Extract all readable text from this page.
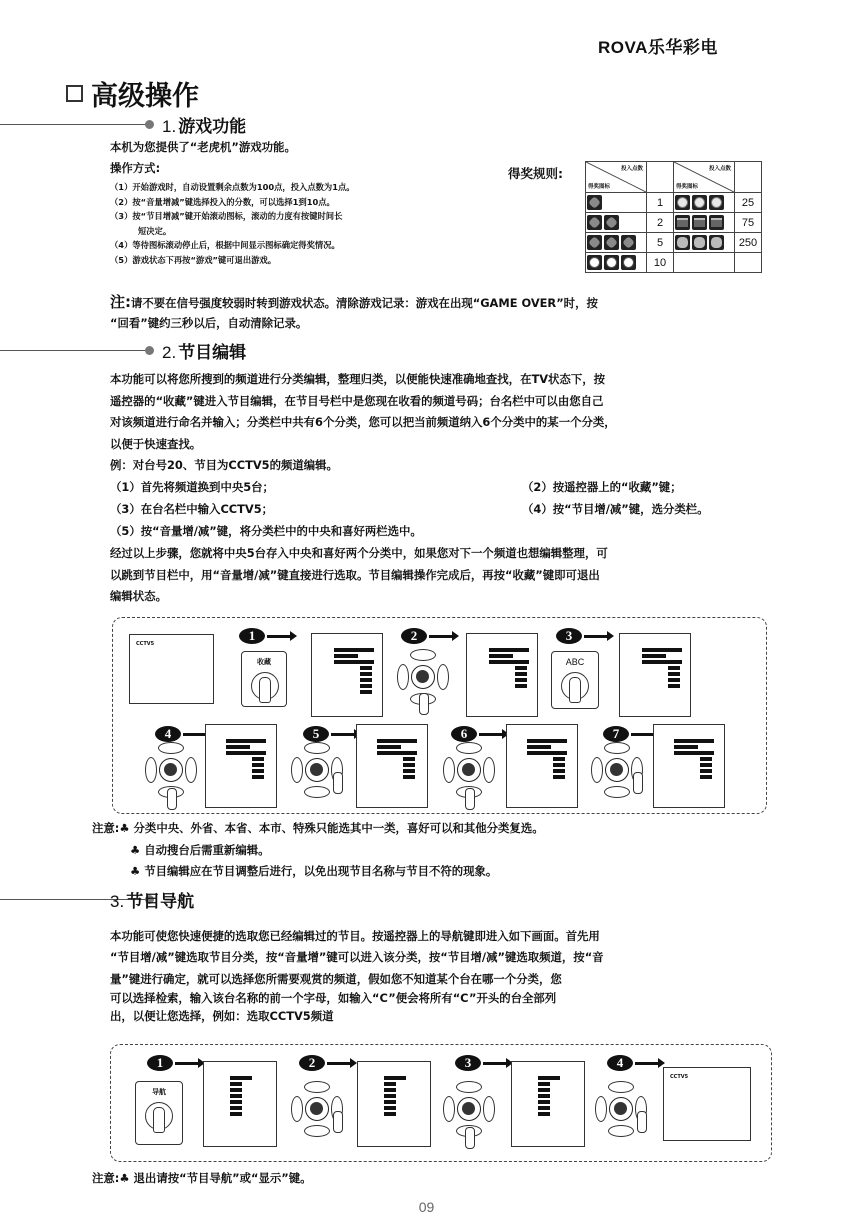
ROVA乐华彩电
高级操作
1. 游戏功能
本机为您提供了“老虎机”游戏功能。
操作方式:
（1）开始游戏时，自动设置剩余点数为100点，投入点数为1点。
（2）按“音量增减”键选择投入的分数，可以选择1到10点。
（3）按“节目增减”键开始滚动图标，滚动的力度有按键时间长
短决定。
（4）等待图标滚动停止后，根据中间显示图标确定得奖情况。
（5）游戏状态下再按“游戏”键可退出游戏。
得奖规则:	投入点数
得奖图标		投入点数
得奖图标	

	1		25
	2		75
	5		250
	10		
注:请不要在信号强度较弱时转到游戏状态。清除游戏记录：游戏在出现“GAME OVER”时，按
“回看”键约三秒以后，自动清除记录。
2. 节目编辑
本功能可以将您所搜到的频道进行分类编辑，整理归类，以便能快速准确地查找，在TV状态下，按
遥控器的“收藏”键进入节目编辑，在节目号栏中是您现在收看的频道号码；台名栏中可以由您自己
对该频道进行命名并输入；分类栏中共有6个分类，您可以把当前频道纳入6个分类中的某一个分类，
以便于快速查找。
例：对台号20、节目为CCTV5的频道编辑。
（1）首先将频道换到中央5台；	（2）按遥控器上的“收藏”键；
（3）在台名栏中输入CCTV5；	（4）按“节目增/减”键，选分类栏。
（5）按“音量增/减”键，将分类栏中的中央和喜好两栏选中。
经过以上步骤，您就将中央5台存入中央和喜好两个分类中，如果您对下一个频道也想编辑整理，可
以跳到节目栏中，用“音量增/减”键直接进行选取。节目编辑操作完成后，再按“收藏”键即可退出
编辑状态。
CCTV5
1
收藏
2	3
ABC
4	5	6	7
注意:♣ 分类中央、外省、本省、本市、特殊只能选其中一类，喜好可以和其他分类复选。
♣ 自动搜台后需重新编辑。
♣ 节目编辑应在节目调整后进行，以免出现节目名称与节目不符的现象。
3. 节目导航
本功能可使您快速便捷的选取您已经编辑过的节目。按遥控器上的导航键即进入如下画面。首先用
“节目增/减”键选取节目分类，按“音量增”键可以进入该分类，按“节目增/减”键选取频道，按“音
量”键进行确定，就可以选择您所需要观赏的频道，假如您不知道某个台在哪一个分类，您
可以选择检索，输入该台名称的前一个字母，如输入“C”便会将所有“C”开头的台全部列
出，以便让您选择，例如：选取CCTV5频道
1
导航
2	3	4
CCTV5
注意:♣ 退出请按“节目导航”或“显示”键。
09
